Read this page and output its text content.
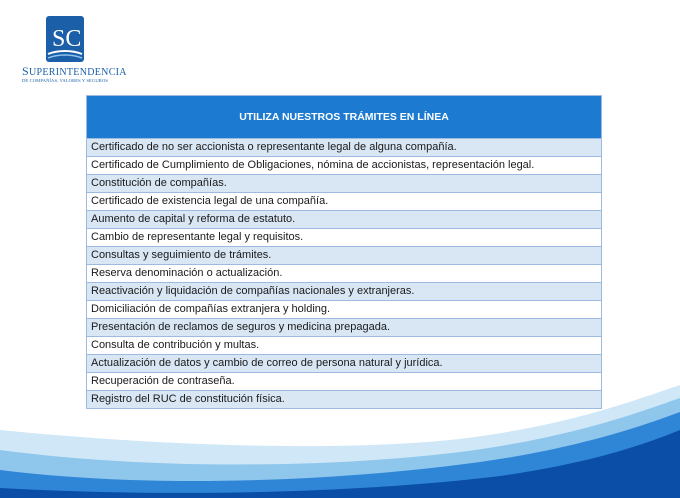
SC
SUPERINTENDENCIA
DE COMPAÑÍAS, VALORES Y SEGUROS
UTILIZA NUESTROS TRÁMITES EN LÍNEA
Certificado de no ser accionista o representante legal de alguna compañía.
Certificado de Cumplimiento de Obligaciones, nómina de accionistas, representación legal.
Constitución de compañías.
Certificado de existencia legal de una compañía.
Aumento de capital y reforma de estatuto.
Cambio de representante legal y requisitos.
Consultas y seguimiento de trámites.
Reserva denominación o actualización.
Reactivación y liquidación de compañías nacionales y extranjeras.
Domiciliación de compañías extranjera y holding.
Presentación de reclamos de seguros y medicina prepagada.
Consulta de contribución y multas.
Actualización de datos y cambio de correo de persona natural y jurídica.
Recuperación de contraseña.
Registro del RUC de constitución física.
